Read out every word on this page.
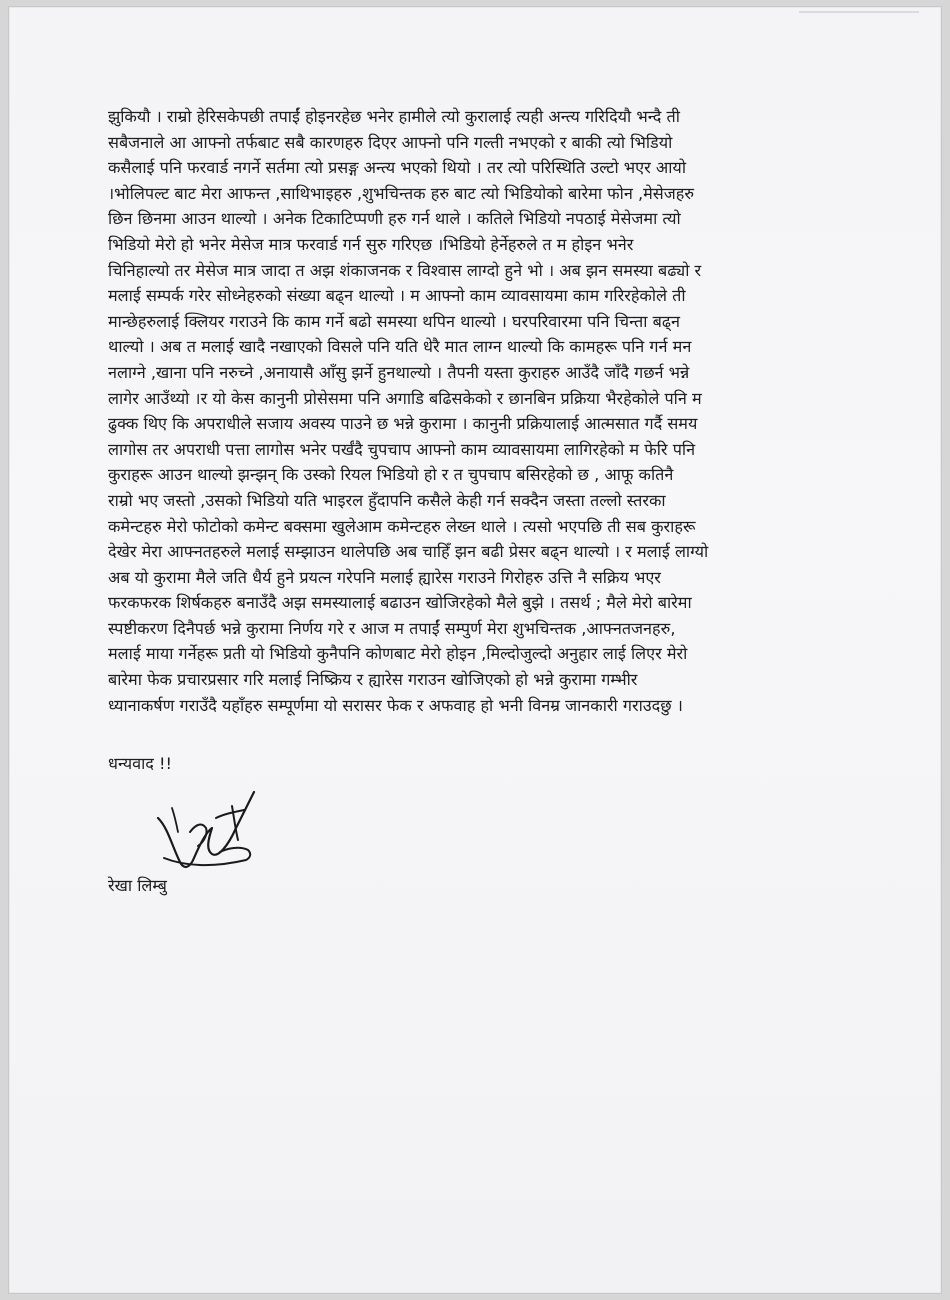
झुकियौ । राम्रो हेरिसकेपछी तपाईं होइनरहेछ भनेर हामीले त्यो कुरालाई त्यही अन्त्य गरिदियौ भन्दै ती
सबैजनाले आ आफ्नो तर्फबाट सबै कारणहरु दिएर आफ्नो पनि गल्ती नभएको र बाकी त्यो भिडियो
कसैलाई पनि फरवार्ड नगर्ने सर्तमा त्यो प्रसङ्ग अन्त्य भएको थियो । तर त्यो परिस्थिति उल्टो भएर आयो
।भोलिपल्ट बाट मेरा आफन्त ,साथिभाइहरु ,शुभचिन्तक हरु बाट त्यो भिडियोको बारेमा फोन ,मेसेजहरु
छिन छिनमा आउन थाल्यो । अनेक टिकाटिप्पणी हरु गर्न थाले । कतिले भिडियो नपठाई मेसेजमा त्यो
भिडियो मेरो हो भनेर मेसेज मात्र फरवार्ड गर्न सुरु गरिएछ ।भिडियो हेर्नेहरुले त म होइन भनेर
चिनिहाल्यो तर मेसेज मात्र जादा त अझ शंकाजनक र विश्वास लाग्दो हुने भो । अब झन समस्या बढ्यो र
मलाई सम्पर्क गरेर सोध्नेहरुको संख्या बढ्न थाल्यो । म आफ्नो काम व्यावसायमा काम गरिरहेकोले ती
मान्छेहरुलाई क्लियर गराउने कि काम गर्ने बढो समस्या थपिन थाल्यो । घरपरिवारमा पनि चिन्ता बढ्न
थाल्यो । अब त मलाई खादै नखाएको विसले पनि यति धेरै मात लाग्न थाल्यो कि कामहरू पनि गर्न मन
नलाग्ने ,खाना पनि नरुच्ने ,अनायासै आँसु झर्ने हुनथाल्यो । तैपनी यस्ता कुराहरु आउँदै जाँदै गछर्न भन्ने
लागेर आउँथ्यो ।र यो केस कानुनी प्रोसेसमा पनि अगाडि बढिसकेको र छानबिन प्रक्रिया भैरहेकोले पनि म
ढुक्क थिए कि अपराधीले सजाय अवस्य पाउने छ भन्ने कुरामा । कानुनी प्रक्रियालाई आत्मसात गर्दै समय
लागोस तर अपराधी पत्ता लागोस भनेर पर्खंदै चुपचाप आफ्नो काम व्यावसायमा लागिरहेको म फेरि पनि
कुराहरू आउन थाल्यो झन्झन् कि उस्को रियल भिडियो हो र त चुपचाप बसिरहेको छ , आफू कतिनै
राम्रो भए जस्तो ,उसको भिडियो यति भाइरल हुँदापनि कसैले केही गर्न सक्दैन जस्ता तल्लो स्तरका
कमेन्टहरु मेरो फोटोको कमेन्ट बक्समा खुलेआम कमेन्टहरु लेख्न थाले । त्यसो भएपछि ती सब कुराहरू
देखेर मेरा आफ्नतहरुले मलाई सम्झाउन थालेपछि अब चाहिँ झन बढी प्रेसर बढ्न थाल्यो । र मलाई लाग्यो
अब यो कुरामा मैले जति धैर्य हुने प्रयत्न गरेपनि मलाई ह्यारेस गराउने गिरोहरु उत्ति नै सक्रिय भएर
फरकफरक शिर्षकहरु बनाउँदै अझ समस्यालाई बढाउन खोजिरहेको मैले बुझे । तसर्थ ; मैले मेरो बारेमा
स्पष्टीकरण दिनैपर्छ भन्ने कुरामा निर्णय गरे र आज म तपाईं सम्पुर्ण मेरा शुभचिन्तक ,आफ्नतजनहरु,
मलाई माया गर्नेहरू प्रती यो भिडियो कुनैपनि कोणबाट मेरो होइन ,मिल्दोजुल्दो अनुहार लाई लिएर मेरो
बारेमा फेक प्रचारप्रसार गरि मलाई निष्क्रिय र ह्यारेस गराउन खोजिएको हो भन्ने कुरामा गम्भीर
ध्यानाकर्षण गराउँदै यहाँहरु सम्पूर्णमा यो सरासर फेक र अफवाह हो भनी विनम्र जानकारी गराउदछु ।

धन्यवाद !!

रेखा लिम्बु
